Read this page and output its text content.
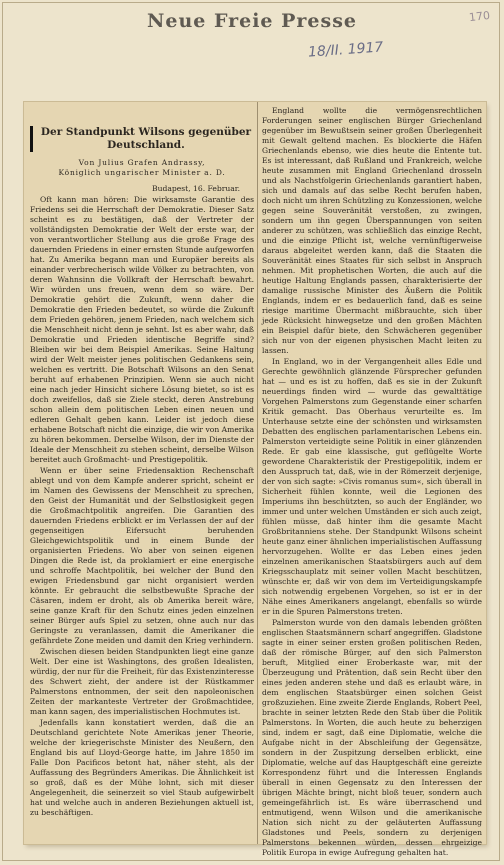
Neue Freie Presse	170
18/II. 1917
Der Standpunkt Wilsons gegenüber Deutschland.
Von Julius Grafen Andrassy,
Königlich ungarischer Minister a. D.
Budapest, 16. Februar.

Oft kann man hören: Die wirksamste Garantie des Friedens sei die Herrschaft der Demokratie. Dieser Satz scheint es zu bestätigen, daß der Vertreter der vollständigsten Demokratie der Welt der erste war, der von verantwortlicher Stellung aus die große Frage des dauernden Friedens in einer ernsten Stunde aufgeworfen hat. Zu Amerika begann man und Europäer bereits als einander verbrecherisch wilde Völker zu betrachten, von deren Wahnsinn die Vollkraft der Herrschaft bewahrt. Wir würden uns freuen, wenn dem so wäre. Der Demokratie gehört die Zukunft, wenn daher die Demokratie den Frieden bedeutet, so würde die Zukunft dem Frieden gehören, jenem Frieden, nach welchem sich die Menschheit nicht denn je sehnt. Ist es aber wahr, daß Demokratie und Frieden identische Begriffe sind? Bleiben wir bei dem Beispiel Amerikas. Seine Haltung wird der Welt meister jenes politischen Gedankens sein, welchen es vertritt. Die Botschaft Wilsons an den Senat beruht auf erhabenen Prinzipien. Wenn sie auch nicht eine nach jeder Hinsicht sichere Lösung bietet, so ist es doch zweifellos, daß sie Ziele steckt, deren Anstrebung schon allein dem politischen Leben einen neuen und edleren Gehalt geben kann. Leider ist jedoch diese erhabene Botschaft nicht die einzige, die wir von Amerika zu hören bekommen. Derselbe Wilson, der im Dienste der Ideale der Menschheit zu stehen scheint, derselbe Wilson bereitet auch Großmacht- und Prestigepolitik.

Wenn er über seine Friedensaktion Rechenschaft ablegt und von dem Kampfe anderer spricht, scheint er im Namen des Gewissens der Menschheit zu sprechen, den Geist der Humanität und der Selbstlosigkeit gegen die Großmachtpolitik angreifen. Die Garantien des dauernden Friedens erblickt er im Verlassen der auf der gegenseitigen Eifersucht beruhenden Gleichgewichtspolitik und in einem Bunde der organisierten Friedens. Wo aber von seinen eigenen Dingen die Rede ist, da proklamiert er eine energische und schroffe Machtpolitik, bei welcher der Bund den ewigen Friedensbund gar nicht organisiert werden könnte. Er gebraucht die selbstbewußte Sprache der Cäsaren, indem er droht, als ob Amerika bereit wäre, seine ganze Kraft für den Schutz eines jeden einzelnen seiner Bürger aufs Spiel zu setzen, ohne auch nur das Geringste zu veranlassen, damit die Amerikaner die gefährdete Zone meiden und damit den Krieg verhindern.

Zwischen diesen beiden Standpunkten liegt eine ganze Welt. Der eine ist Washingtons, des großen Idealisten, würdig, der nur für die Freiheit, für das Existenzinteresse des Schwert zieht, der andere ist der Rüstkammer Palmerstons entnommen, der seit den napoleonischen Zeiten der markanteste Vertreter der Großmachtidee, man kann sagen, des imperialistischen Hochmutes ist.

Jedenfalls kann konstatiert werden, daß die an Deutschland gerichtete Note Amerikas jener Theorie, welche der kriegerischste Minister des Neußern, den England bis auf Lloyd-George hatte, im Jahre 1850 im Falle Don Pacificos betont hat, näher steht, als der Auffassung des Begründers Amerikas. Die Ähnlichkeit ist so groß, daß es der Mühe lohnt, sich mit dieser Angelegenheit, die seinerzeit so viel Staub aufgewirbelt hat und welche auch in anderen Beziehungen aktuell ist, zu beschäftigen.

England wollte die vermögensrechtlichen Forderungen seiner englischen Bürger Griechenland gegenüber im Bewußtsein seiner großen Überlegenheit mit Gewalt geltend machen. Es blockierte die Häfen Griechenlands ebenso, wie dies heute die Entente tut. Es ist interessant, daß Rußland und Frankreich, welche heute zusammen mit England Griechenland drosseln und als Nachstfolgerin Griechenlands garantiert haben, sich und damals auf das selbe Recht berufen haben, doch nicht um ihren Schützling zu Konzessionen, welche gegen seine Souveränität verstoßen, zu zwingen, sondern um ihn gegen Überspannungen von seiten anderer zu schützen, was schließlich das einzige Recht, und die einzige Pflicht ist, welche vernünftigerweise daraus abgeleitet werden kann, daß die Staaten die Souveränität eines Staates für sich selbst in Anspruch nehmen. Mit prophetischen Worten, die auch auf die heutige Haltung Englands passen, charakterisierte der damalige russische Minister des Äußern die Politik Englands, indem er es bedauerlich fand, daß es seine riesige maritime Übermacht mißbrauchte, sich über jede Rücksicht hinwegsetze und den großen Mächten ein Beispiel dafür biete, den Schwächeren gegenüber sich nur von der eigenen physischen Macht leiten zu lassen.

In England, wo in der Vergangenheit alles Edle und Gerechte gewöhnlich glänzende Fürsprecher gefunden hat — und es ist zu hoffen, daß es sie in der Zukunft neuerdings finden wird — wurde das gewalttätige Vorgehen Palmerstons zum Gegenstande einer scharfen Kritik gemacht. Das Oberhaus verurteilte es. Im Unterhause setzte eine der schönsten und wirksamsten Debatten des englischen parlamentarischen Lebens ein. Palmerston verteidigte seine Politik in einer glänzenden Rede. Er gab eine klassische, gut geflügelte Worte gewordene Charakteristik der Prestigepolitik, indem er den Ausspruch tat, daß, wie in der Römerzeit derjenige, der von sich sagte: »Civis romanus sum«, sich überall in Sicherheit fühlen konnte, weil die Legionen des Imperiums ihn beschützten, so auch der Engländer, wo immer und unter welchen Umständen er sich auch zeigt, fühlen müsse, daß hinter ihm die gesamte Macht Großbritanniens stehe. Der Standpunkt Wilsons scheint heute ganz einer ähnlichen imperialistischen Auffassung hervorzugehen. Wollte er das Leben eines jeden einzelnen amerikanischen Staatsbürgers auch auf dem Kriegsschauplatz mit seiner vollen Macht beschützen, wünschte er, daß wir von dem im Verteidigungskampfe sich notwendig ergebenen Vorgehen, so ist er in der Nähe eines Amerikaners angelangt, ebenfalls so würde er in die Spuren Palmerstons treten.

Palmerston wurde von den damals lebenden größten englischen Staatsmännern scharf angegriffen. Gladstone sagte in einer seiner ersten großen politischen Reden, daß der römische Bürger, auf den sich Palmerston beruft, Mitglied einer Eroberkaste war, mit der Überzeugung und Prätention, daß sein Recht über den eines jeden anderen stehe und daß es erlaubt wäre, in dem englischen Staatsbürger einen solchen Geist großzuziehen. Eine zweite Zierde Englands, Robert Peel, brachte in seiner letzten Rede den Stab über die Politik Palmerstons. In Worten, die auch heute zu beherzigen sind, indem er sagt, daß eine Diplomatie, welche die Aufgabe nicht in der Abschleifung der Gegensätze, sondern in der Zuspitzung derselben erblickt, eine Diplomatie, welche auf das Hauptgeschäft eine gereizte Korrespondenz führt und die Interessen Englands überall in einen Gegensatz zu den Interessen der übrigen Mächte bringt, nicht bloß teuer, sondern auch gemeingefährlich ist. Es wäre überraschend und entmutigend, wenn Wilson und die amerikanische Nation sich nicht zu der geläuterten Auffassung Gladstones und Peels, sondern zu derjenigen Palmerstons bekennen würden, dessen ehrgeizige Politik Europa in ewige Aufregung gehalten hat.
